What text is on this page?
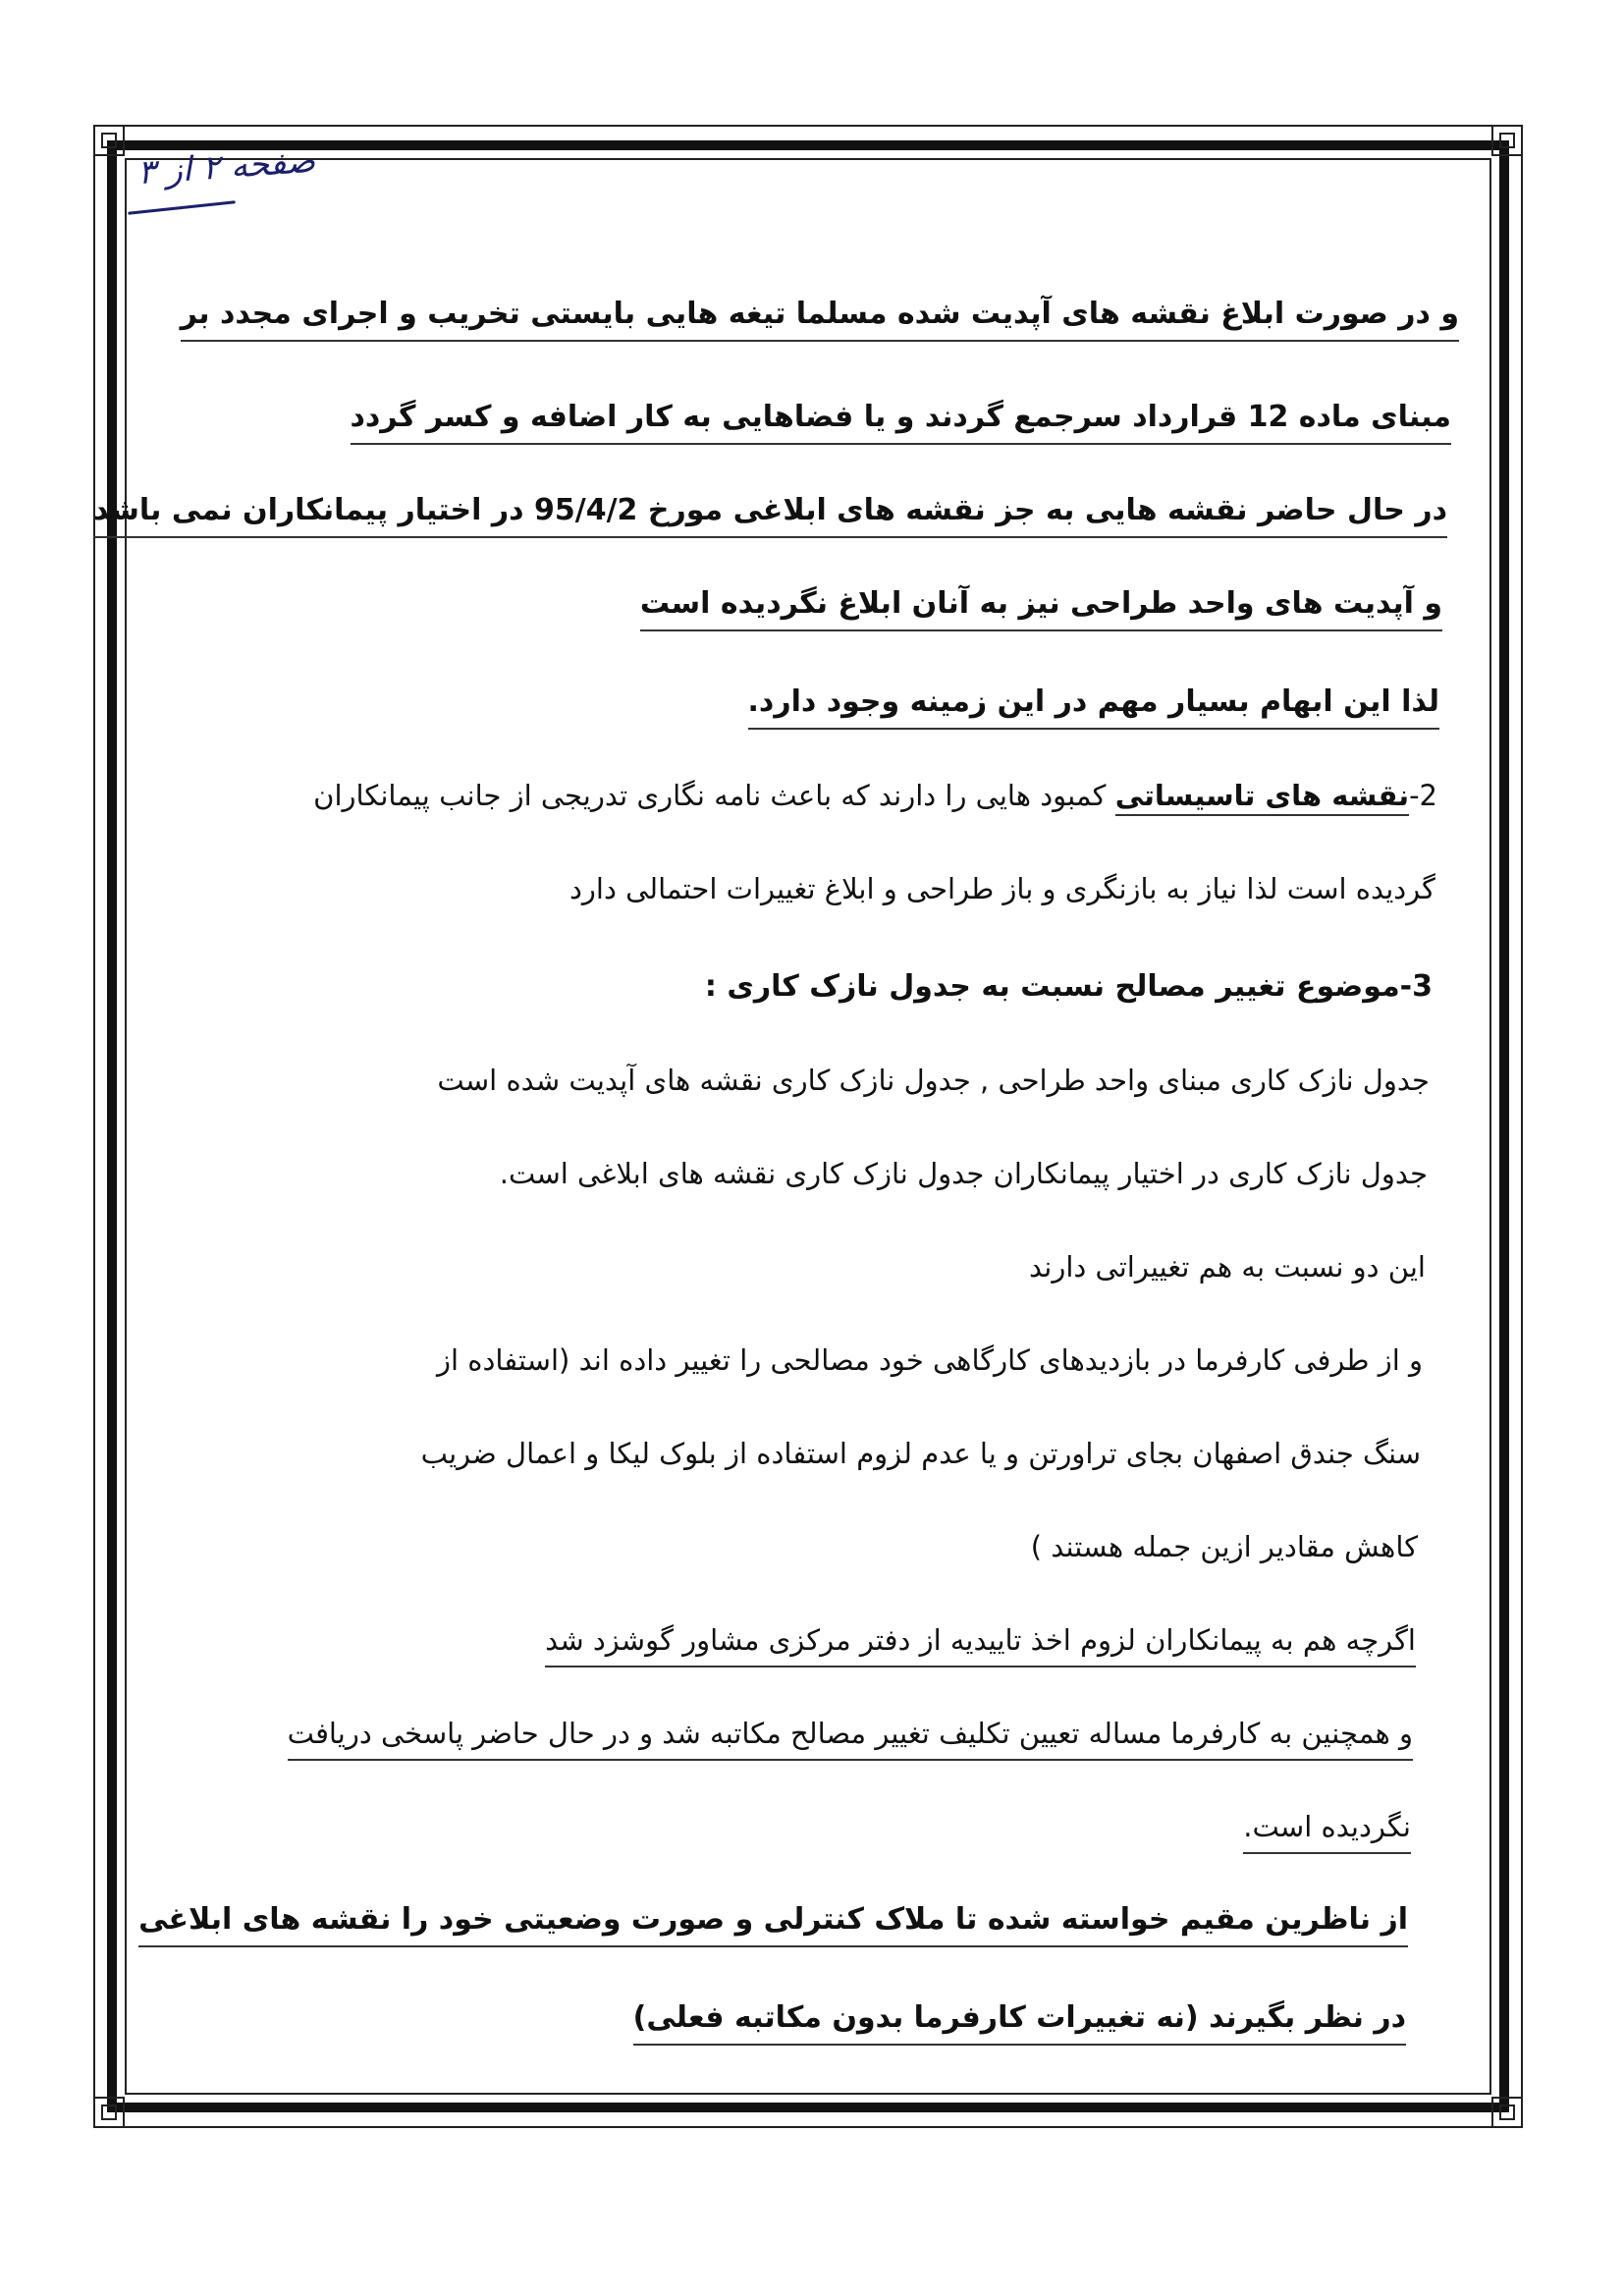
صفحه ۲ از ۳
و در صورت ابلاغ نقشه های آپدیت شده مسلما تیغه هایی بایستی تخریب و اجرای مجدد بر
مبنای ماده 12 قرارداد سرجمع گردند و یا فضاهایی به کار اضافه و کسر گردد
در حال حاضر نقشه هایی به جز نقشه های ابلاغی مورخ 95/4/2 در اختیار پیمانکاران نمی باشد
و آپدیت های واحد طراحی نیز به آنان ابلاغ نگردیده است
لذا این ابهام بسیار مهم در این زمینه وجود دارد.
2-نقشه های تاسیساتی کمبود هایی را دارند که باعث نامه نگاری تدریجی از جانب پیمانکاران
گردیده است لذا نیاز به بازنگری و باز طراحی و ابلاغ تغییرات احتمالی دارد
3-موضوع تغییر مصالح نسبت به جدول نازک کاری :
جدول نازک کاری مبنای واحد طراحی , جدول نازک کاری نقشه های آپدیت شده است
جدول نازک کاری در اختیار پیمانکاران جدول نازک کاری نقشه های ابلاغی است.
این دو نسبت به هم تغییراتی دارند
و از طرفی کارفرما در بازدیدهای کارگاهی خود مصالحی را تغییر داده اند (استفاده از
سنگ جندق اصفهان بجای تراورتن و یا عدم لزوم استفاده از بلوک لیکا و اعمال ضریب
کاهش مقادیر ازین جمله هستند )
اگرچه هم به پیمانکاران لزوم اخذ تاییدیه از دفتر مرکزی مشاور گوشزد شد
و همچنین به کارفرما مساله تعیین تکلیف تغییر مصالح مکاتبه شد و در حال حاضر پاسخی دریافت
نگردیده است.
از ناظرین مقیم خواسته شده تا ملاک کنترلی و صورت وضعیتی خود را نقشه های ابلاغی
در نظر بگیرند (نه تغییرات کارفرما بدون مکاتبه فعلی)
